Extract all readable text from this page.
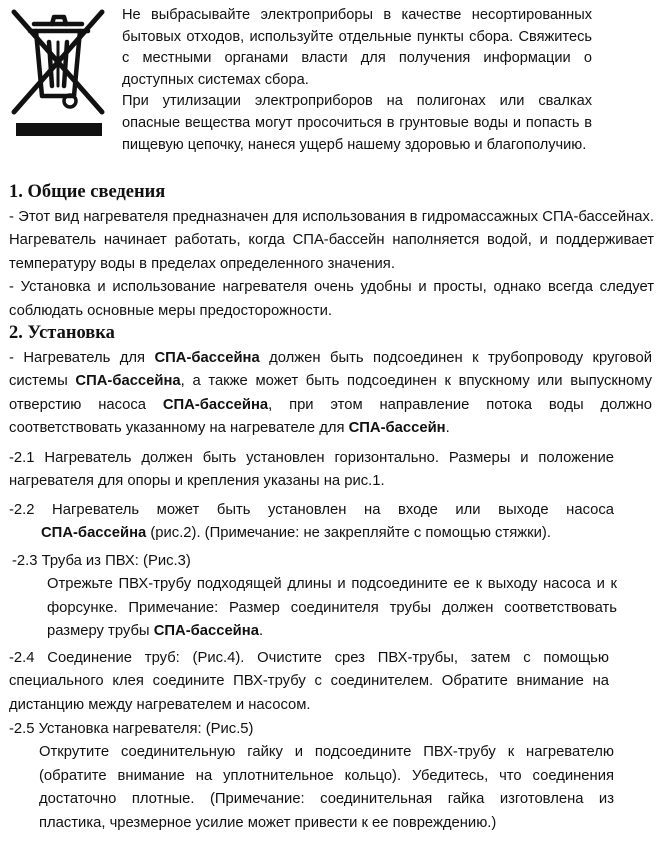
Не выбрасывайте электроприборы в качестве несортированных бытовых отходов, используйте отдельные пункты сбора. Свяжитесь с местными органами власти для получения информации о доступных системах сбора.

При утилизации электроприборов на полигонах или свалках опасные вещества могут просочиться в грунтовые воды и попасть в пищевую цепочку, нанеся ущерб нашему здоровью и благополучию.

1. Общие сведения

- Этот вид нагревателя предназначен для использования в гидромассажных СПА-бассейнах. Нагреватель начинает работать, когда СПА-бассейн наполняется водой, и поддерживает температуру воды в пределах определенного значения.

- Установка и использование нагревателя очень удобны и просты, однако всегда следует соблюдать основные меры предосторожности.

2. Установка

- Нагреватель для СПА-бассейна должен быть подсоединен к трубопроводу круговой системы СПА-бассейна, а также может быть подсоединен к впускному или выпускному отверстию насоса СПА-бассейна, при этом направление потока воды должно соответствовать указанному на нагревателе для СПА-бассейн.

-2.1 Нагреватель должен быть установлен горизонтально. Размеры и положение нагревателя для опоры и крепления указаны на рис.1.

-2.2 Нагреватель может быть установлен на входе или выходе насоса

СПА-бассейна (рис.2). (Примечание: не закрепляйте с помощью стяжки).

-2.3 Труба из ПВХ: (Рис.3)

Отрежьте ПВХ-трубу подходящей длины и подсоедините ее к выходу насоса и к форсунке. Примечание: Размер соединителя трубы должен соответствовать размеру трубы СПА-бассейна.

-2.4 Соединение труб: (Рис.4). Очистите срез ПВХ-трубы, затем с помощью специального клея соедините ПВХ-трубу с соединителем. Обратите внимание на дистанцию между нагревателем и насосом.

-2.5 Установка нагревателя: (Рис.5)

Открутите соединительную гайку и подсоедините ПВХ-трубу к нагревателю (обратите внимание на уплотнительное кольцо). Убедитесь, что соединения достаточно плотные. (Примечание: соединительная гайка изготовлена из пластика, чрезмерное усилие может привести к ее повреждению.)
